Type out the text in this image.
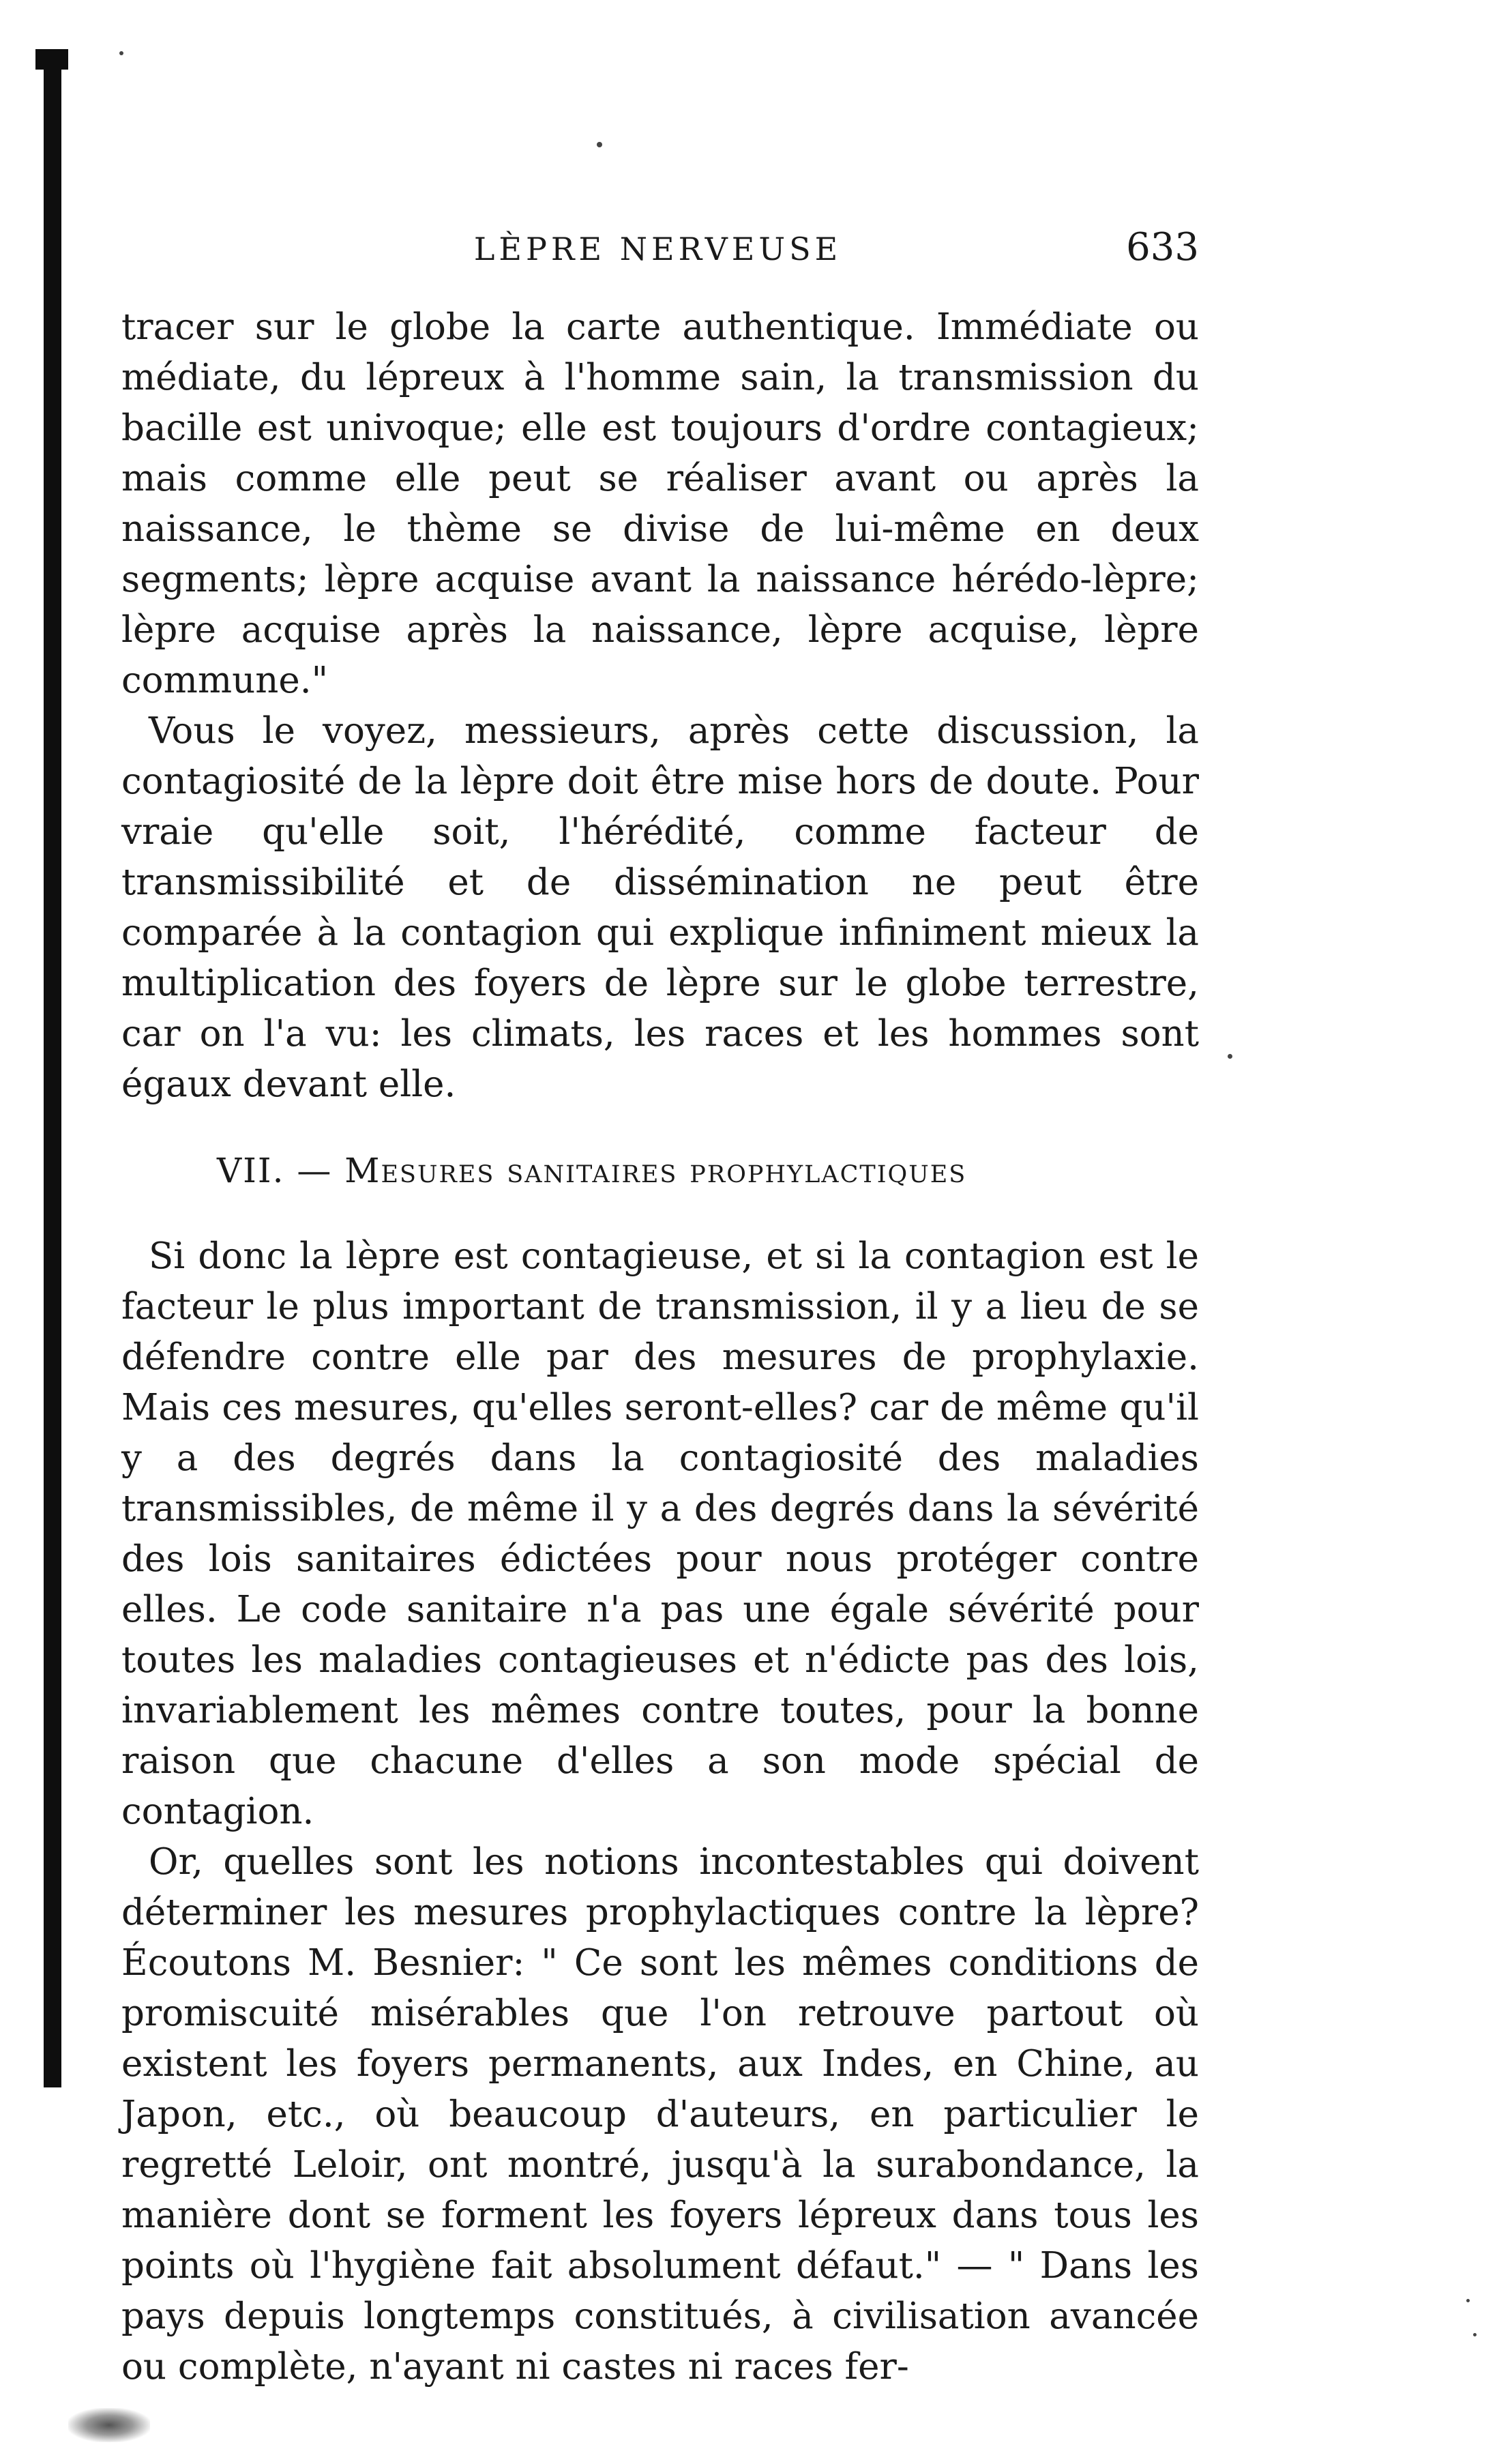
LÈPRE NERVEUSE	633

tracer sur le globe la carte authentique. Immédiate ou médiate, du lépreux à l'homme sain, la transmission du bacille est univoque; elle est toujours d'ordre contagieux; mais comme elle peut se réaliser avant ou après la naissance, le thème se divise de lui-même en deux segments; lèpre acquise avant la naissance hérédo-lèpre; lèpre acquise après la naissance, lèpre acquise, lèpre commune."

Vous le voyez, messieurs, après cette discussion, la contagiosité de la lèpre doit être mise hors de doute. Pour vraie qu'elle soit, l'hérédité, comme facteur de transmissibilité et de dissémination ne peut être comparée à la contagion qui explique infiniment mieux la multiplication des foyers de lèpre sur le globe terrestre, car on l'a vu: les climats, les races et les hommes sont égaux devant elle.

VII. — Mesures sanitaires prophylactiques

Si donc la lèpre est contagieuse, et si la contagion est le facteur le plus important de transmission, il y a lieu de se défendre contre elle par des mesures de prophylaxie. Mais ces mesures, qu'elles seront-elles? car de même qu'il y a des degrés dans la contagiosité des maladies transmissibles, de même il y a des degrés dans la sévérité des lois sanitaires édictées pour nous protéger contre elles. Le code sanitaire n'a pas une égale sévérité pour toutes les maladies contagieuses et n'édicte pas des lois, invariablement les mêmes contre toutes, pour la bonne raison que chacune d'elles a son mode spécial de contagion.

Or, quelles sont les notions incontestables qui doivent déterminer les mesures prophylactiques contre la lèpre? Écoutons M. Besnier: " Ce sont les mêmes conditions de promiscuité misérables que l'on retrouve partout où existent les foyers permanents, aux Indes, en Chine, au Japon, etc., où beaucoup d'auteurs, en particulier le regretté Leloir, ont montré, jusqu'à la surabondance, la manière dont se forment les foyers lépreux dans tous les points où l'hygiène fait absolument défaut." — " Dans les pays depuis longtemps constitués, à civilisation avancée ou complète, n'ayant ni castes ni races fer-
